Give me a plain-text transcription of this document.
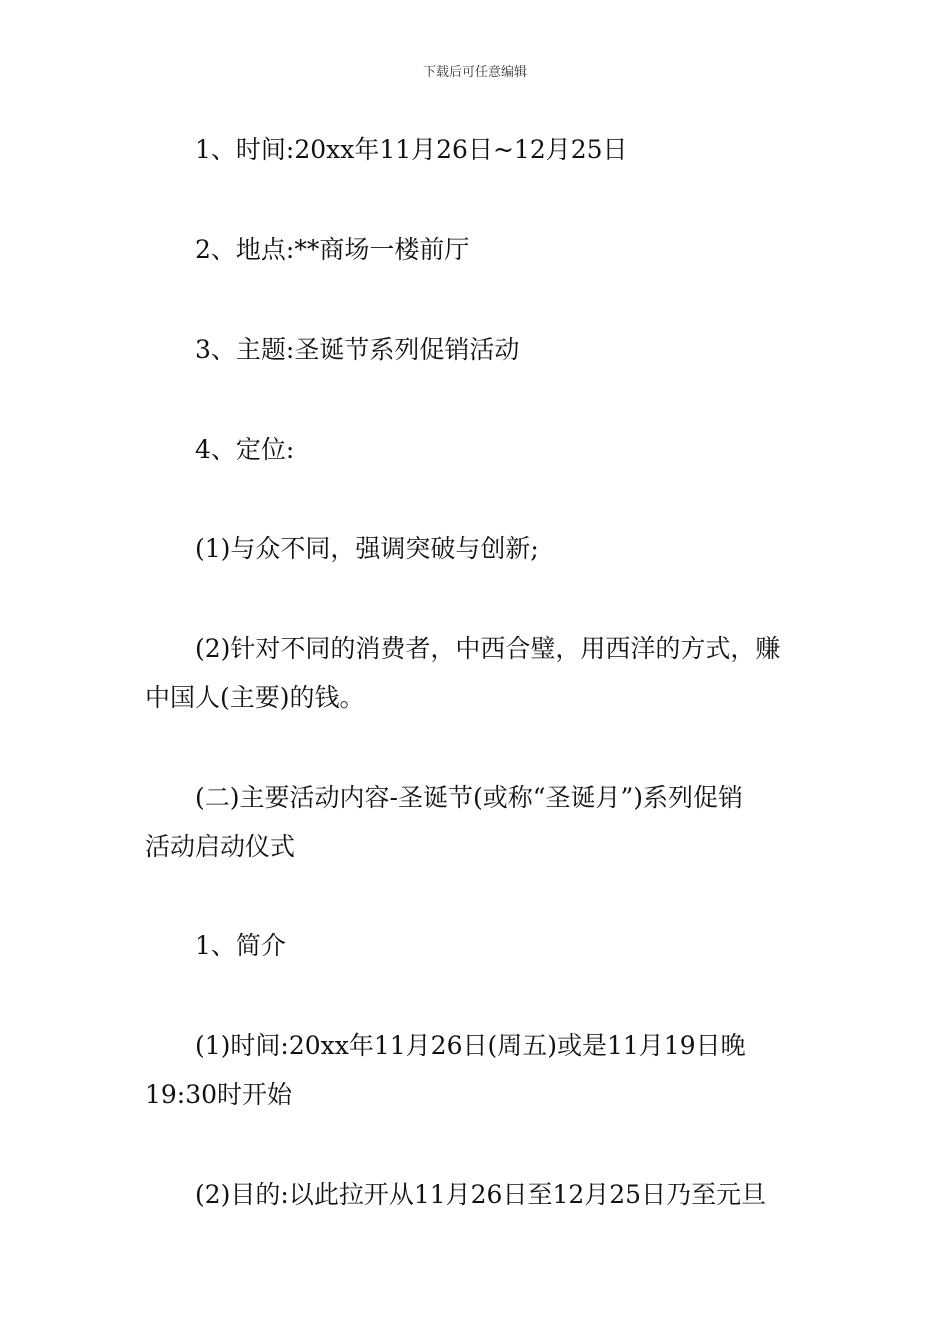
下载后可任意编辑

1、时间:20xx年11月26日~12月25日

2、地点:**商场一楼前厅

3、主题:圣诞节系列促销活动

4、定位:

(1)与众不同，强调突破与创新;

(2)针对不同的消费者，中西合璧，用西洋的方式，赚
中国人(主要)的钱。
(二)主要活动内容-圣诞节(或称“圣诞月”)系列促销
活动启动仪式

1、简介

(1)时间:20xx年11月26日(周五)或是11月19日晚
19:30时开始

(2)目的:以此拉开从11月26日至12月25日乃至元旦
